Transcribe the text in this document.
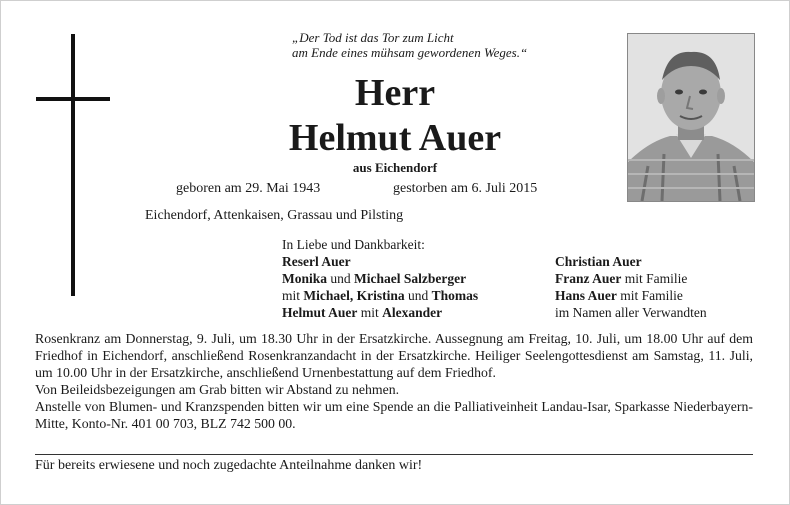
„Der Tod ist das Tor zum Licht
am Ende eines mühsam gewordenen Weges.“
Herr
Helmut Auer
aus Eichendorf
geboren am 29. Mai 1943	gestorben am 6. Juli 2015
Eichendorf, Attenkaisen, Grassau und Pilsting
In Liebe und Dankbarkeit:
Reserl Auer
Monika und Michael Salzberger
mit Michael, Kristina und Thomas
Helmut Auer mit Alexander
Christian Auer
Franz Auer mit Familie
Hans Auer mit Familie
im Namen aller Verwandten

Rosenkranz am Donnerstag, 9. Juli, um 18.30 Uhr in der Ersatzkirche. Aussegnung am Freitag, 10. Juli, um 18.00 Uhr auf dem Friedhof in Eichendorf, anschließend Rosenkranzandacht in der Ersatzkirche. Heiliger Seelengottesdienst am Samstag, 11. Juli, um 10.00 Uhr in der Ersatzkirche, anschließend Urnenbestattung auf dem Friedhof.

Von Beileidsbezeigungen am Grab bitten wir Abstand zu nehmen.

Anstelle von Blumen- und Kranzspenden bitten wir um eine Spende an die Palliativeinheit Landau-Isar, Sparkasse Niederbayern-Mitte, Konto-Nr. 401 00 703, BLZ 742 500 00.

Für bereits erwiesene und noch zugedachte Anteilnahme danken wir!
